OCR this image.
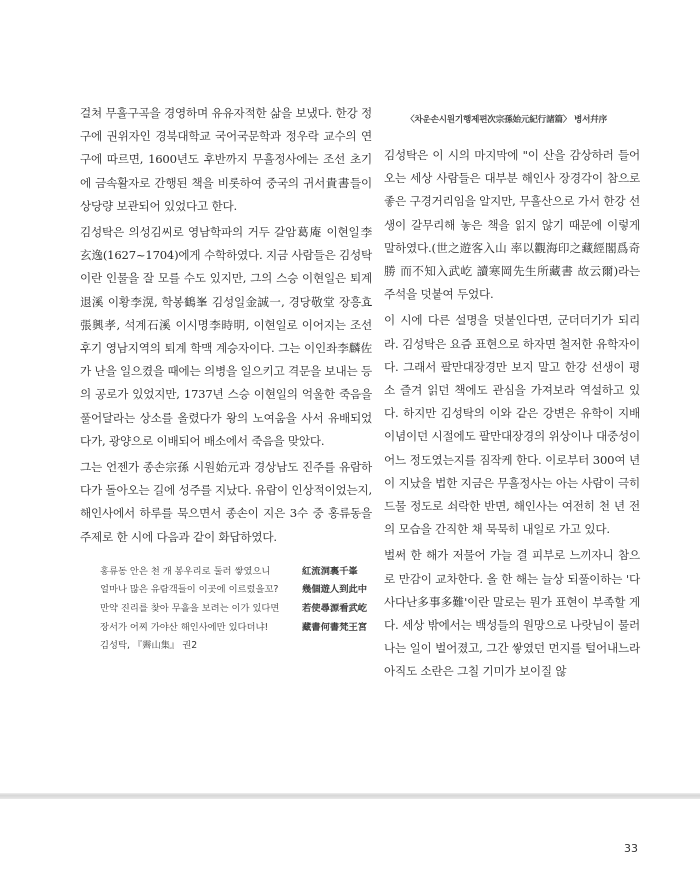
걸쳐 무흘구곡을 경영하며 유유자적한 삶을 보냈다. 한강 정구에 권위자인 경북대학교 국어국문학과 정우락 교수의 연구에 따르면, 1600년도 후반까지 무흘정사에는 조선 초기에 금속활자로 간행된 책을 비롯하여 중국의 귀서貴書들이 상당량 보관되어 있었다고 한다.

김성탁은 의성김씨로 영남학파의 거두 갈암葛庵 이현일李玄逸(1627~1704)에게 수학하였다. 지금 사람들은 김성탁이란 인물을 잘 모를 수도 있지만, 그의 스승 이현일은 퇴계退溪 이황李滉, 학봉鶴峯 김성일金誠一, 경당敬堂 장흥효張興孝, 석계石溪 이시명李時明, 이현일로 이어지는 조선 후기 영남지역의 퇴계 학맥 계승자이다. 그는 이인좌李麟佐가 난을 일으켰을 때에는 의병을 일으키고 격문을 보내는 등의 공로가 있었지만, 1737년 스승 이현일의 억울한 죽음을 풀어달라는 상소를 올렸다가 왕의 노여움을 사서 유배되었다가, 광양으로 이배되어 배소에서 죽음을 맞았다.

그는 언젠가 종손宗孫 시원始元과 경상남도 진주를 유람하다가 돌아오는 길에 성주를 지났다. 유람이 인상적이었는지, 해인사에서 하루를 묵으면서 종손이 지은 3수 중 홍류동을 주제로 한 시에 다음과 같이 화답하였다.

홍류동 안은 천 개 봉우리로 둘러 쌓였으니
얼마나 많은 유람객들이 이곳에 이르렀을꼬?
만약 진리를 찾아 무흘을 보려는 이가 있다면
장서가 어찌 가야산 해인사에만 있다더냐!
김성탁, 『霽山集』 권2
紅流洞裏千峯
幾個遊人到此中
若使尋源看武屹
藏書何書梵王宮
〈차운손시원기행제편次宗孫始元紀行諸篇〉 병서幷序

김성탁은 이 시의 마지막에 "이 산을 감상하러 들어오는 세상 사람들은 대부분 해인사 장경각이 참으로 좋은 구경거리임을 알지만, 무흘산으로 가서 한강 선생이 갈무리해 놓은 책을 읽지 않기 때문에 이렇게 말하였다.(世之遊客入山 率以觀海印之藏經閣爲奇勝 而不知入武屹 讀寒岡先生所藏書 故云爾)라는 주석을 덧붙여 두었다.

이 시에 다른 설명을 덧붙인다면, 군더더기가 되리라. 김성탁은 요즘 표현으로 하자면 철저한 유학자이다. 그래서 팔만대장경만 보지 말고 한강 선생이 평소 즐겨 읽던 책에도 관심을 가져보라 역설하고 있다. 하지만 김성탁의 이와 같은 강변은 유학이 지배이념이던 시절에도 팔만대장경의 위상이나 대중성이 어느 정도였는지를 짐작케 한다. 이로부터 300여 년이 지났을 법한 지금은 무흘정사는 아는 사람이 극히 드물 정도로 쇠락한 반면, 해인사는 여전히 천 년 전의 모습을 간직한 채 묵묵히 내일로 가고 있다.

벌써 한 해가 저물어 가늘 결 피부로 느끼자니 참으로 만감이 교차한다. 올 한 해는 늘상 되풀이하는 '다사다난多事多難'이란 말로는 뭔가 표현이 부족할 게다. 세상 밖에서는 백성들의 원망으로 나랏님이 물러나는 일이 벌어졌고, 그간 쌓였던 먼지를 털어내느라 아직도 소란은 그칠 기미가 보이질 않

33
